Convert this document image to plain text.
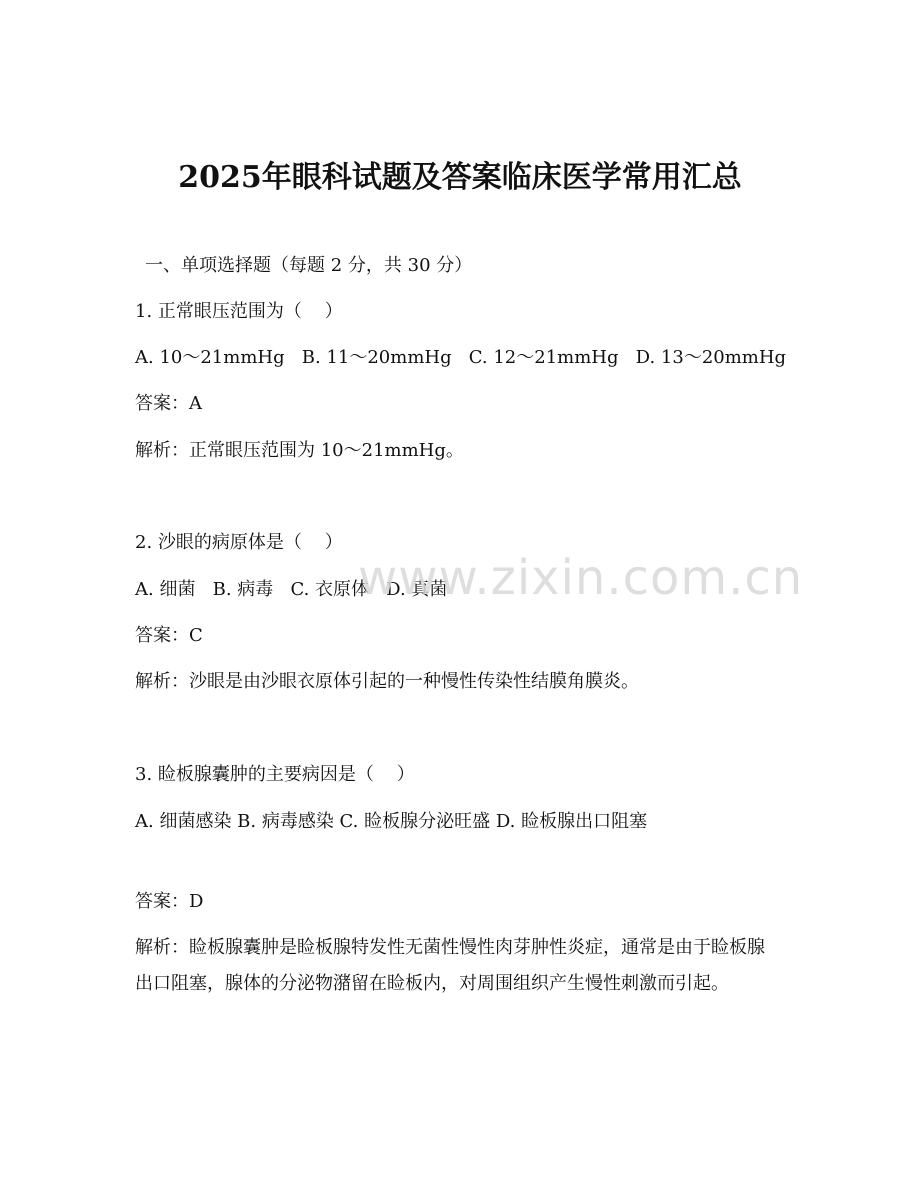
2025年眼科试题及答案临床医学常用汇总
一、单项选择题（每题 2 分，共 30 分）
1. 正常眼压范围为（    ）
A. 10～21mmHg   B. 11～20mmHg   C. 12～21mmHg   D. 13～20mmHg
答案：A
解析：正常眼压范围为 10～21mmHg。
2. 沙眼的病原体是（    ）
A. 细菌   B. 病毒   C. 衣原体   D. 真菌
答案：C
解析：沙眼是由沙眼衣原体引起的一种慢性传染性结膜角膜炎。
3. 睑板腺囊肿的主要病因是（    ）
A. 细菌感染 B. 病毒感染 C. 睑板腺分泌旺盛 D. 睑板腺出口阻塞
答案：D
解析：睑板腺囊肿是睑板腺特发性无菌性慢性肉芽肿性炎症，通常是由于睑板腺出口阻塞，腺体的分泌物潴留在睑板内，对周围组织产生慢性刺激而引起。
www.zixin.com.cn
